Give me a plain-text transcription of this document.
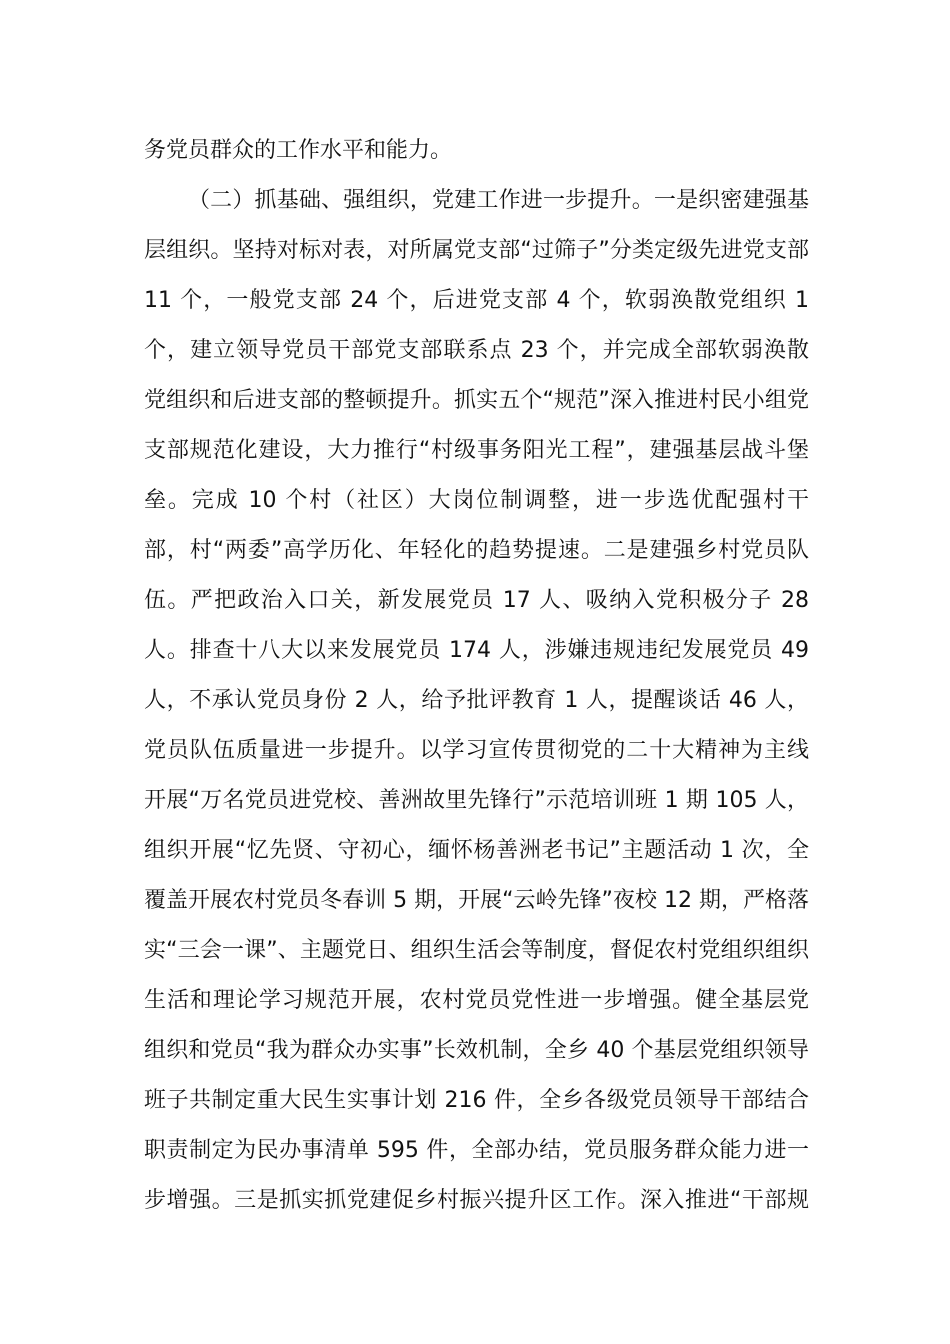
务党员群众的工作水平和能力。
（二）抓基础、强组织，党建工作进一步提升。一是织密建强基
层组织。坚持对标对表，对所属党支部“过筛子”分类定级先进党支部
11 个，一般党支部 24 个，后进党支部 4 个，软弱涣散党组织 1
个，建立领导党员干部党支部联系点 23 个，并完成全部软弱涣散
党组织和后进支部的整顿提升。抓实五个“规范”深入推进村民小组党
支部规范化建设，大力推行“村级事务阳光工程”，建强基层战斗堡
垒。完成 10 个村（社区）大岗位制调整，进一步选优配强村干
部，村“两委”高学历化、年轻化的趋势提速。二是建强乡村党员队
伍。严把政治入口关，新发展党员 17 人、吸纳入党积极分子 28
人。排查十八大以来发展党员 174 人，涉嫌违规违纪发展党员 49
人，不承认党员身份 2 人，给予批评教育 1 人，提醒谈话 46 人，
党员队伍质量进一步提升。以学习宣传贯彻党的二十大精神为主线
开展“万名党员进党校、善洲故里先锋行”示范培训班 1 期 105 人，
组织开展“忆先贤、守初心，缅怀杨善洲老书记”主题活动 1 次，全
覆盖开展农村党员冬春训 5 期，开展“云岭先锋”夜校 12 期，严格落
实“三会一课”、主题党日、组织生活会等制度，督促农村党组织组织
生活和理论学习规范开展，农村党员党性进一步增强。健全基层党
组织和党员“我为群众办实事”长效机制，全乡 40 个基层党组织领导
班子共制定重大民生实事计划 216 件，全乡各级党员领导干部结合
职责制定为民办事清单 595 件，全部办结，党员服务群众能力进一
步增强。三是抓实抓党建促乡村振兴提升区工作。深入推进“干部规
